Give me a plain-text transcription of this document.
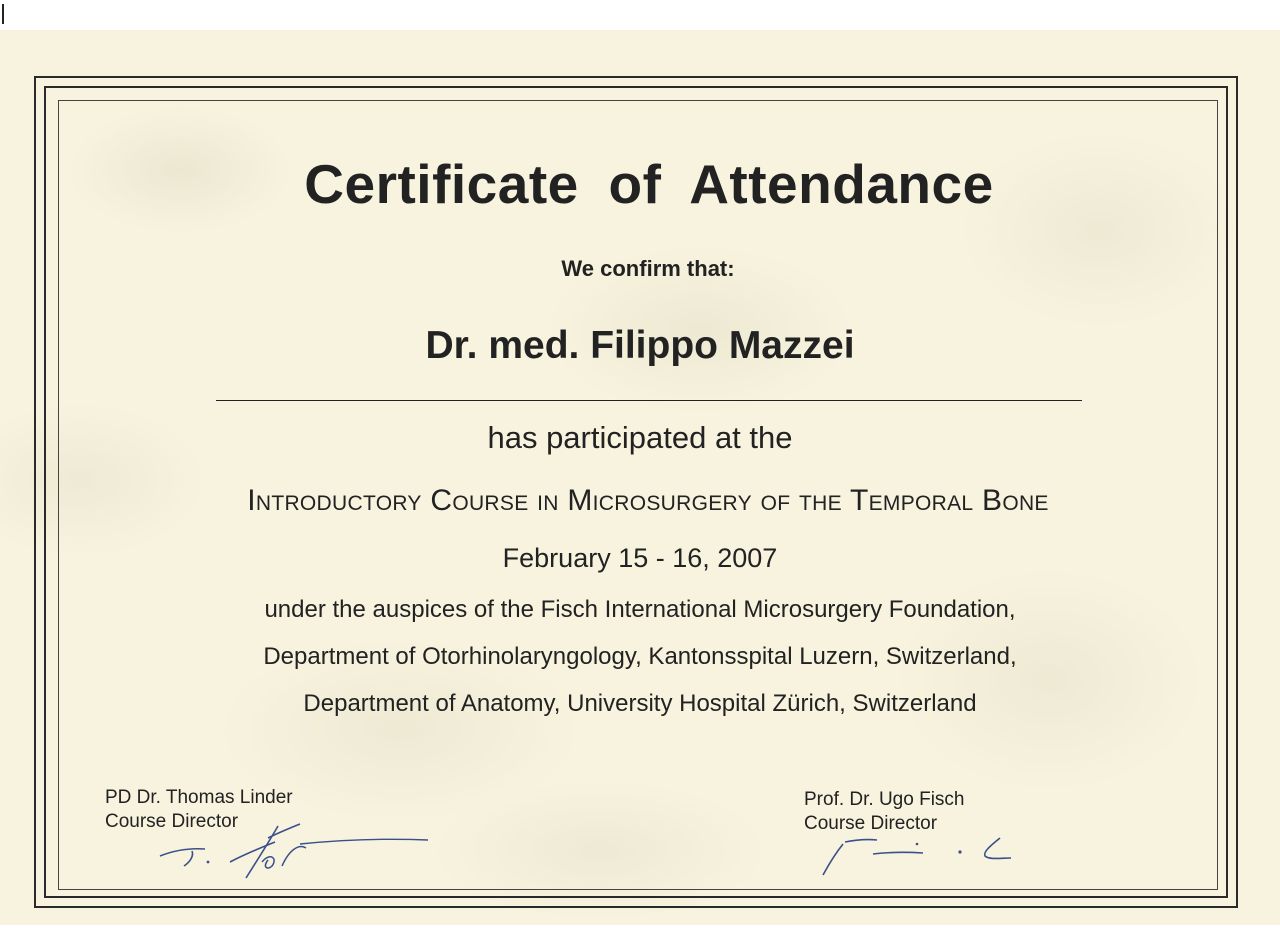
Certificate of Attendance
We confirm that:
Dr. med. Filippo Mazzei
has participated at the
Introductory Course in Microsurgery of the Temporal Bone
February 15 - 16, 2007
under the auspices of the Fisch International Microsurgery Foundation,
Department of Otorhinolaryngology, Kantonsspital Luzern, Switzerland,
Department of Anatomy, University Hospital Zürich, Switzerland
PD Dr. Thomas Linder
Course Director
Prof. Dr. Ugo Fisch
Course Director
